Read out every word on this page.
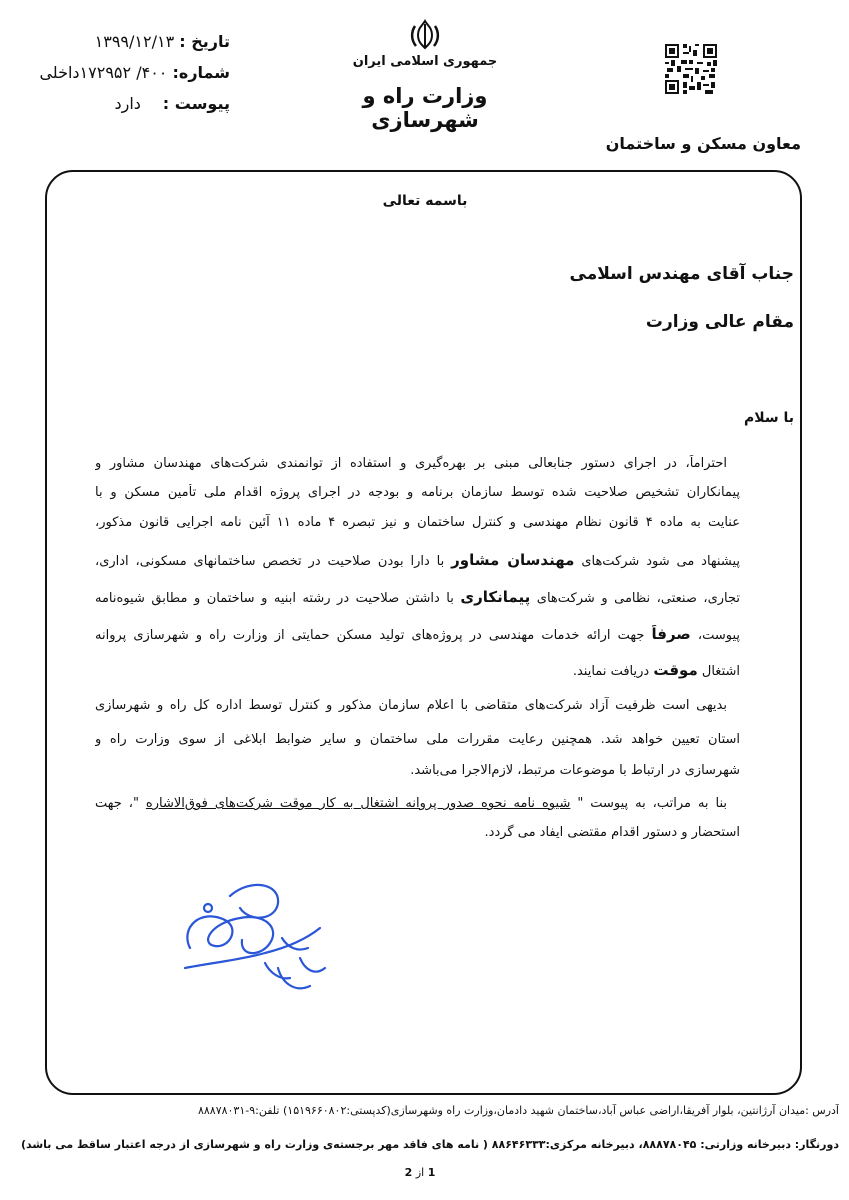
تاریخ : ۱۳۹۹/۱۲/۱۳
شماره: ۴۰۰/ ۱۷۲۹۵۲داخلی
پیوست : دارد
جمهوری اسلامی ایران
وزارت راه و شهرسازی
معاون مسکن و ساختمان
باسمه تعالی
جناب آقای مهندس اسلامی
مقام عالی وزارت
با سلام
احتراماً، در اجرای دستور جنابعالی مبنی بر بهره‌گیری و استفاده از توانمندی شرکت‌های مهندسان مشاور و
پیمانکاران تشخیص صلاحیت شده توسط سازمان برنامه و بودجه در اجرای پروژه اقدام ملی تأمین مسکن و با
عنایت به ماده ۴ قانون نظام مهندسی و کنترل ساختمان و نیز تبصره ۴ ماده ۱۱ آئین نامه اجرایی قانون مذکور،
پیشنهاد می شود شرکت‌های مهندسان مشاور با دارا بودن صلاحیت در تخصص ساختمانهای مسکونی، اداری،
تجاری، صنعتی، نظامی و شرکت‌های پیمانکاری با داشتن صلاحیت در رشته ابنیه و ساختمان و مطابق شیوه‌نامه
پیوست، صرفاً جهت ارائه خدمات مهندسی در پروژه‌های تولید مسکن حمایتی از وزارت راه و شهرسازی پروانه
اشتغال موقت دریافت نمایند.
بدیهی است ظرفیت آزاد شرکت‌های متقاضی با اعلام سازمان مذکور و کنترل توسط اداره کل راه و شهرسازی
استان تعیین خواهد شد. همچنین رعایت مقررات ملی ساختمان و سایر ضوابط ابلاغی از سوی وزارت راه و
شهرسازی در ارتباط با موضوعات مرتبط، لازم‌الاجرا می‌باشد.
بنا به مراتب، به پیوست " شیوه نامه نحوه صدور پروانه اشتغال به کار موقت شرکت‌های فوق‌الاشاره "، جهت
استحضار و دستور اقدام مقتضی ایفاد می گردد.
آدرس :میدان آرژانتین، بلوار آفریقا،اراضی عباس آباد،ساختمان شهید دادمان،وزارت راه وشهرسازی(کدپستی:۱۵۱۹۶۶۰۸۰۲) تلفن:۹-۸۸۸۷۸۰۳۱
دورنگار: دبیرخانه وزارتی: ۸۸۸۷۸۰۴۵، دبیرخانه مرکزی:۸۸۶۴۶۳۳۳ ( نامه های فاقد مهر برجسته‌ی وزارت راه و شهرسازی از درجه اعتبار ساقط می باشد)
1 از 2
